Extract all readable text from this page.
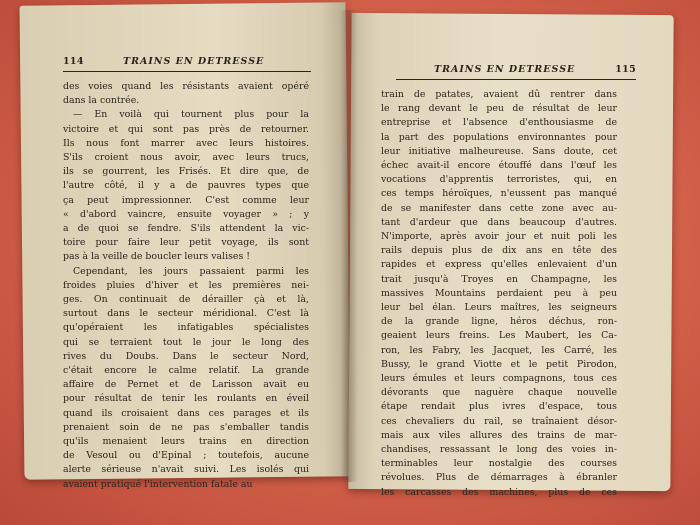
114	TRAINS EN DETRESSE
TRAINS EN DETRESSE	115
des voies quand les résistants avaient opéré
dans la contrée.
— En voilà qui tournent plus pour la
victoire et qui sont pas près de retourner.
Ils nous font marrer avec leurs histoires.
S'ils croient nous avoir, avec leurs trucs,
ils se gourrent, les Frisés. Et dire que, de
l'autre côté, il y a de pauvres types que
ça peut impressionner. C'est comme leur
« d'abord vaincre, ensuite voyager » ; y
a de quoi se fendre. S'ils attendent la vic-
toire pour faire leur petit voyage, ils sont
pas à la veille de boucler leurs valises !
Cependant, les jours passaient parmi les
froides pluies d'hiver et les premières nei-
ges. On continuait de dérailler çà et là,
surtout dans le secteur méridional. C'est là
qu'opéraient les infatigables spécialistes
qui se terraient tout le jour le long des
rives du Doubs. Dans le secteur Nord,
c'était encore le calme relatif. La grande
affaire de Pernet et de Larisson avait eu
pour résultat de tenir les roulants en éveil
quand ils croisaient dans ces parages et ils
prenaient soin de ne pas s'emballer tandis
qu'ils menaient leurs trains en direction
de Vesoul ou d'Epinal ; toutefois, aucune
alerte sérieuse n'avait suivi. Les isolés qui
avaient pratiqué l'intervention fatale au
train de patates, avaient dû rentrer dans
le rang devant le peu de résultat de leur
entreprise et l'absence d'enthousiasme de
la part des populations environnantes pour
leur initiative malheureuse. Sans doute, cet
échec avait-il encore étouffé dans l'œuf les
vocations d'apprentis terroristes, qui, en
ces temps héroïques, n'eussent pas manqué
de se manifester dans cette zone avec au-
tant d'ardeur que dans beaucoup d'autres.
N'importe, après avoir jour et nuit poli les
rails depuis plus de dix ans en tête des
rapides et express qu'elles enlevaient d'un
trait jusqu'à Troyes en Champagne, les
massives Mountains perdaient peu à peu
leur bel élan. Leurs maîtres, les seigneurs
de la grande ligne, héros déchus, ron-
geaient leurs freins. Les Maubert, les Ca-
ron, les Fabry, les Jacquet, les Carré, les
Bussy, le grand Viotte et le petit Pirodon,
leurs émules et leurs compagnons, tous ces
dévorants que naguère chaque nouvelle
étape rendait plus ivres d'espace, tous
ces chevaliers du rail, se traînaient désor-
mais aux viles allures des trains de mar-
chandises, ressassant le long des voies in-
terminables leur nostalgie des courses
révolues. Plus de démarrages à ébranler
les carcasses des machines, plus de ces
